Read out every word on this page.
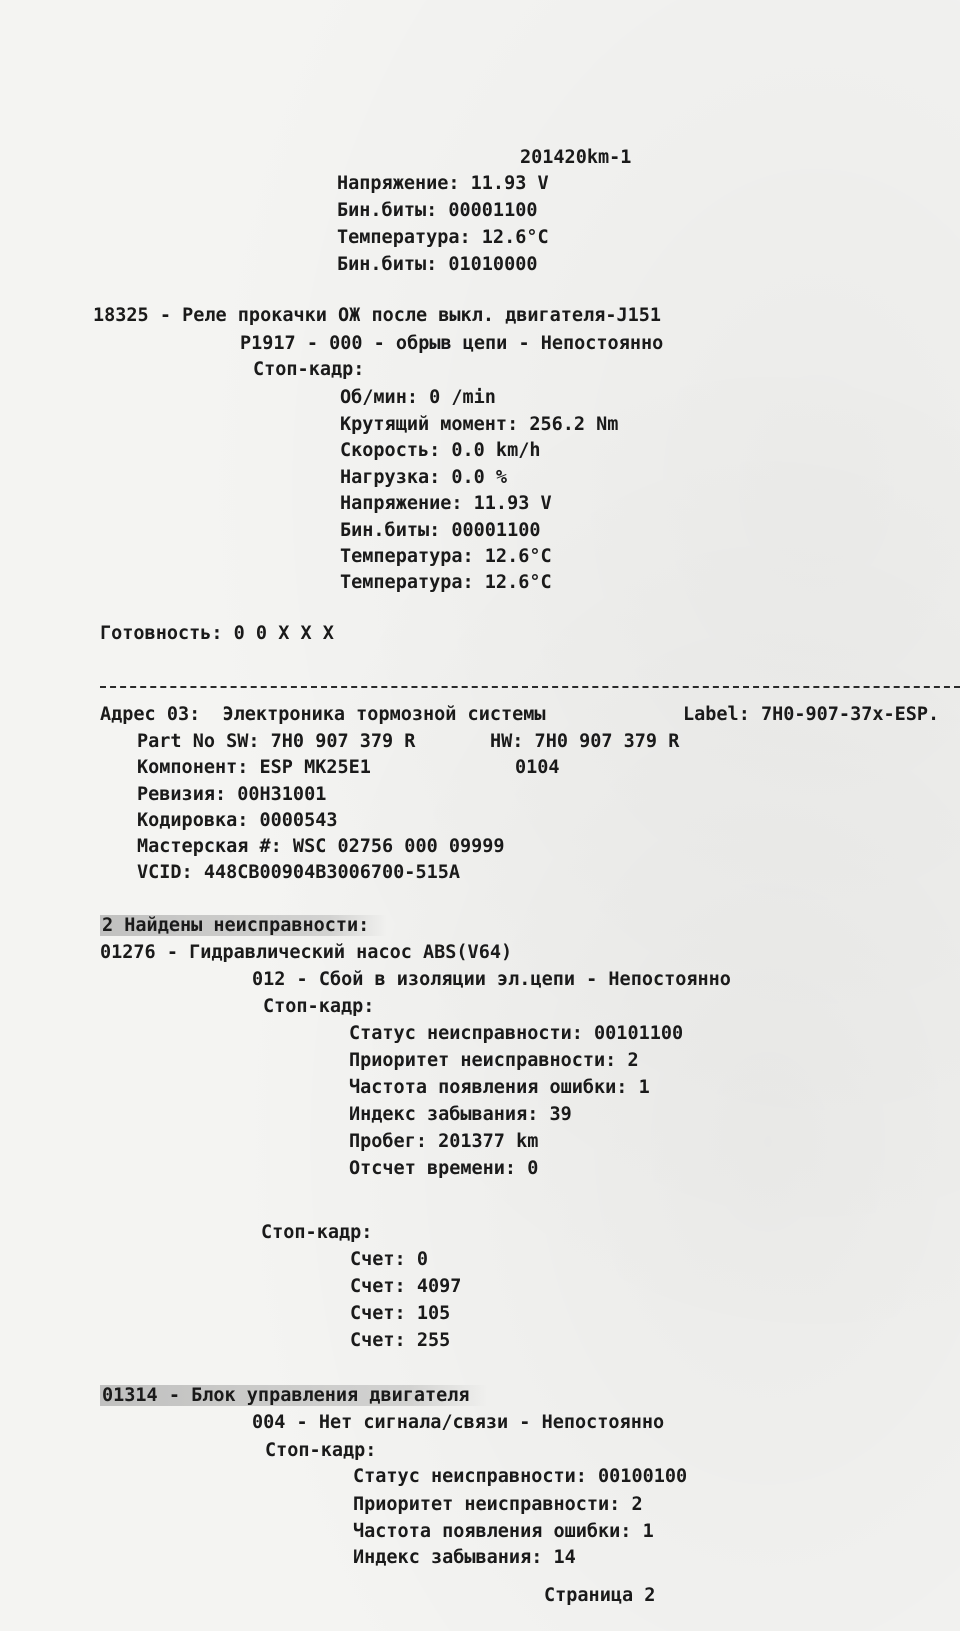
201420km-1

Напряжение: 11.93 V

Бин.биты: 00001100

Температура: 12.6°C

Бин.биты: 01010000

18325 - Реле прокачки ОЖ после выкл. двигателя-J151

P1917 - 000 - обрыв цепи - Непостоянно

Стоп-кадр:

Об/мин: 0 /min

Крутящий момент: 256.2 Nm

Скорость: 0.0 km/h

Нагрузка: 0.0 %

Напряжение: 11.93 V

Бин.биты: 00001100

Температура: 12.6°C

Температура: 12.6°C

Готовность: 0 0 X X X

Адрес 03:  Электроника тормозной системы	Label: 7H0-907-37x-ESP.

Part No SW: 7H0 907 379 R	HW: 7H0 907 379 R

Компонент: ESP MK25E1	0104

Ревизия: 00H31001

Кодировка: 0000543

Мастерская #: WSC 02756 000 09999

VCID: 448CB00904B3006700-515A

2 Найдены неисправности:

01276 - Гидравлический насос ABS(V64)

012 - Сбой в изоляции эл.цепи - Непостоянно

Стоп-кадр:

Статус неисправности: 00101100

Приоритет неисправности: 2

Частота появления ошибки: 1

Индекс забывания: 39

Пробег: 201377 km

Отсчет времени: 0

Стоп-кадр:

Счет: 0

Счет: 4097

Счет: 105

Счет: 255

01314 - Блок управления двигателя

004 - Нет сигнала/связи - Непостоянно

Стоп-кадр:

Статус неисправности: 00100100

Приоритет неисправности: 2

Частота появления ошибки: 1

Индекс забывания: 14

Страница 2
